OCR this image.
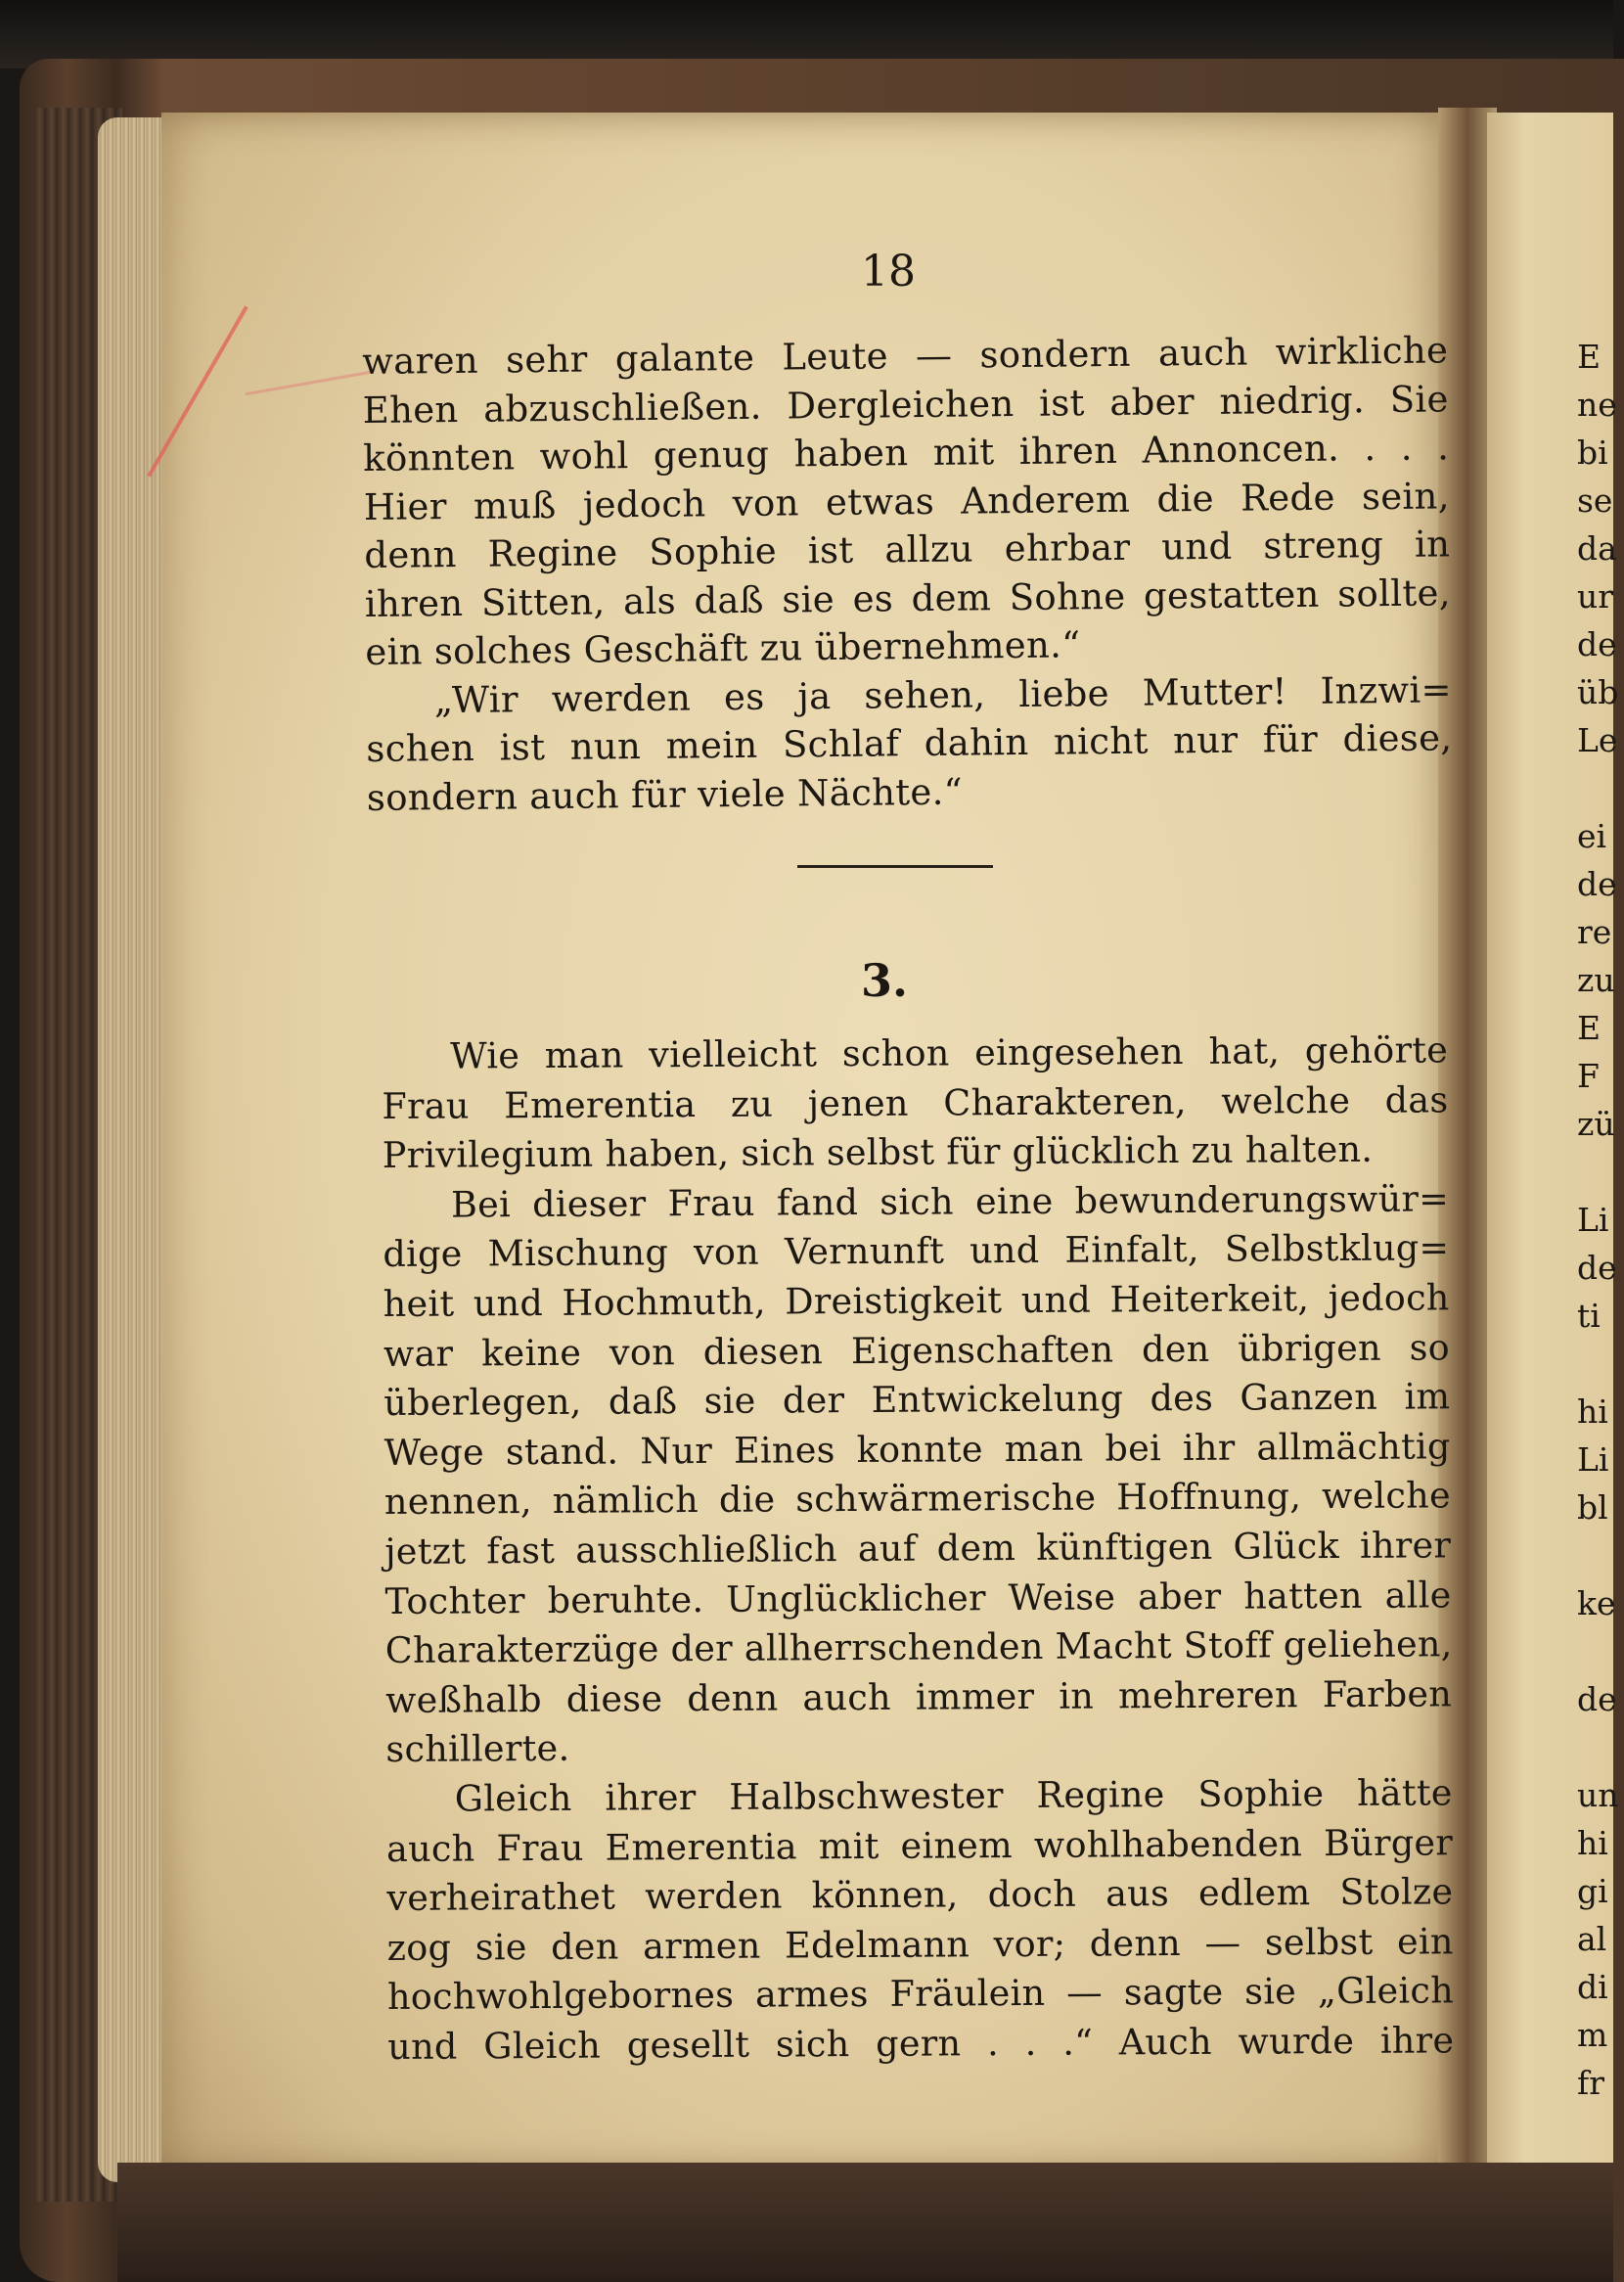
18
waren sehr galante Leute — sondern auch wirkliche
Ehen abzuschließen. Dergleichen ist aber niedrig. Sie
könnten wohl genug haben mit ihren Annoncen. . . .
Hier muß jedoch von etwas Anderem die Rede sein,
denn Regine Sophie ist allzu ehrbar und streng in
ihren Sitten, als daß sie es dem Sohne gestatten sollte,
ein solches Geschäft zu übernehmen.“
„Wir werden es ja sehen, liebe Mutter! Inzwi=
schen ist nun mein Schlaf dahin nicht nur für diese,
sondern auch für viele Nächte.“
3.
Wie man vielleicht schon eingesehen hat, gehörte
Frau Emerentia zu jenen Charakteren, welche das
Privilegium haben, sich selbst für glücklich zu halten.
Bei dieser Frau fand sich eine bewunderungswür=
dige Mischung von Vernunft und Einfalt, Selbstklug=
heit und Hochmuth, Dreistigkeit und Heiterkeit, jedoch
war keine von diesen Eigenschaften den übrigen so
überlegen, daß sie der Entwickelung des Ganzen im
Wege stand. Nur Eines konnte man bei ihr allmächtig
nennen, nämlich die schwärmerische Hoffnung, welche
jetzt fast ausschließlich auf dem künftigen Glück ihrer
Tochter beruhte. Unglücklicher Weise aber hatten alle
Charakterzüge der allherrschenden Macht Stoff geliehen,
weßhalb diese denn auch immer in mehreren Farben
schillerte.
Gleich ihrer Halbschwester Regine Sophie hätte
auch Frau Emerentia mit einem wohlhabenden Bürger
verheirathet werden können, doch aus edlem Stolze
zog sie den armen Edelmann vor; denn — selbst ein
hochwohlgebornes armes Fräulein — sagte sie „Gleich
und Gleich gesellt sich gern . . .“ Auch wurde ihre
E
ne
bi
se
da
ur
de
üb
Le

ei
de
re
zu
E
F
zü

Li
de
ti

hi
Li
bl

ke

de

un
hi
gi
al
di
m
fr
